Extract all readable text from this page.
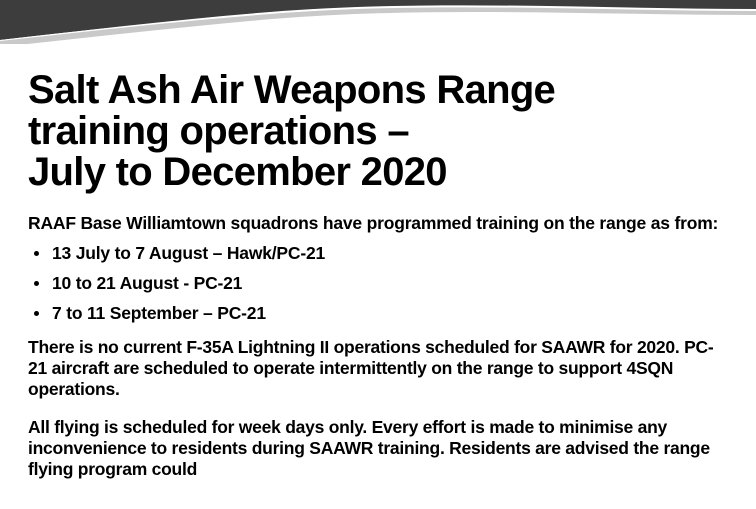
Salt Ash Air Weapons Range
training operations –
July to December 2020

RAAF Base Williamtown squadrons have programmed training on the range as from:

13 July to 7 August – Hawk/PC-21
10 to 21 August - PC-21
7 to 11 September – PC-21

There is no current F-35A Lightning II operations scheduled for SAAWR for 2020. PC-21 aircraft are scheduled to operate intermittently on the range to support 4SQN operations.

All flying is scheduled for week days only. Every effort is made to minimise any inconvenience to residents during SAAWR training. Residents are advised the range flying program could
